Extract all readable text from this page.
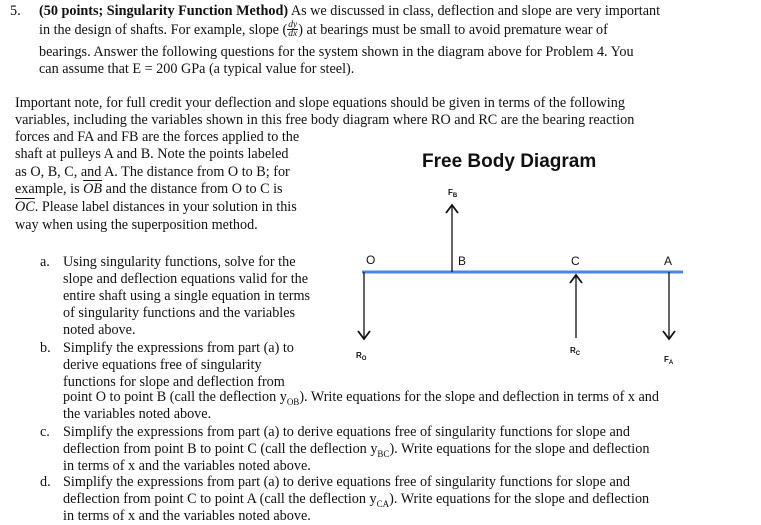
5. (50 points; Singularity Function Method) As we discussed in class, deflection and slope are very important
in the design of shafts. For example, slope ( $\frac{dy}{dx}$ ) at bearings must be small to avoid premature wear of
bearings. Answer the following questions for the system shown in the diagram above for Problem 4. You
can assume that E = 200 GPa (a typical value for steel).
Important note, for full credit your deflection and slope equations should be given in terms of the following
variables, including the variables shown in this free body diagram where RO and RC are the bearing reaction
forces and FA and FB are the forces applied to the
shaft at pulleys A and B. Note the points labeled
as O, B, C, and A. The distance from O to B; for
example, is $\overline{OB}$ and the distance from O to C is
$\overline{OC}$. Please label distances in your solution in this
way when using the superposition method.
a. Using singularity functions, solve for the
slope and deflection equations valid for the
entire shaft using a single equation in terms
of singularity functions and the variables
noted above.
b. Simplify the expressions from part (a) to
derive equations free of singularity
functions for slope and deflection from
point O to point B (call the deflection $y_{OB}$). Write equations for the slope and deflection in terms of x and
the variables noted above.
c. Simplify the expressions from part (a) to derive equations free of singularity functions for slope and
deflection from point B to point C (call the deflection $y_{BC}$). Write equations for the slope and deflection
in terms of x and the variables noted above.
d. Simplify the expressions from part (a) to derive equations free of singularity functions for slope and
deflection from point C to point A (call the deflection $y_{CA}$). Write equations for the slope and deflection
in terms of x and the variables noted above.
Free Body Diagram
O	B	C	A
$F_B$
$R_O$
$R_C$
$F_A$
